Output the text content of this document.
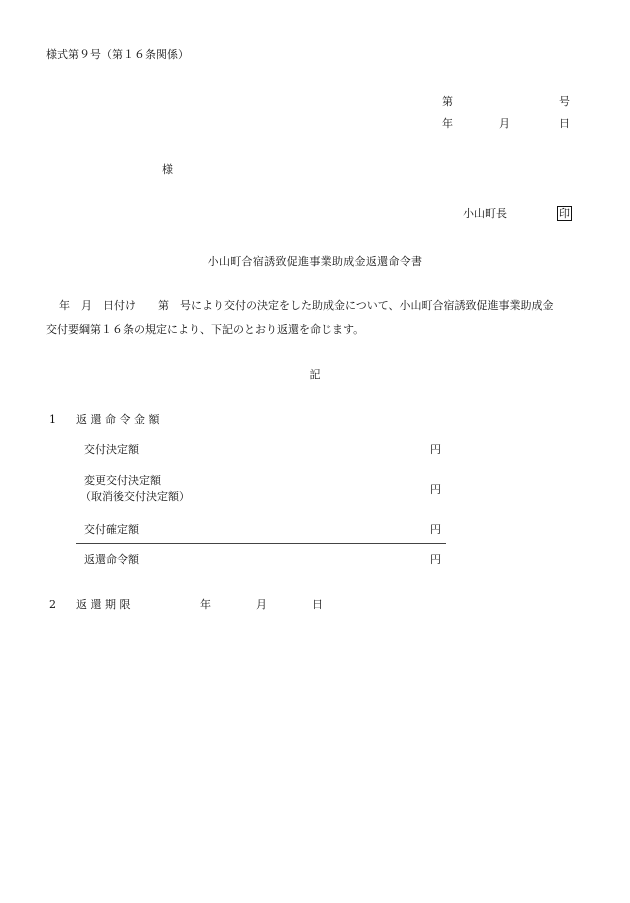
様式第９号（第１６条関係）
第	号
年	月	日
様
小山町長	印
小山町合宿誘致促進事業助成金返還命令書
年　月　日付け　　第　号により交付の決定をした助成金について、小山町合宿誘致促進事業助成金
交付要綱第１６条の規定により、下記のとおり返還を命じます。
記
1 返還命令金額
交付決定額	円
変更交付決定額
（取消後交付決定額）
円
交付確定額	円
返還命令額	円
2 返還期限	年	月	日
